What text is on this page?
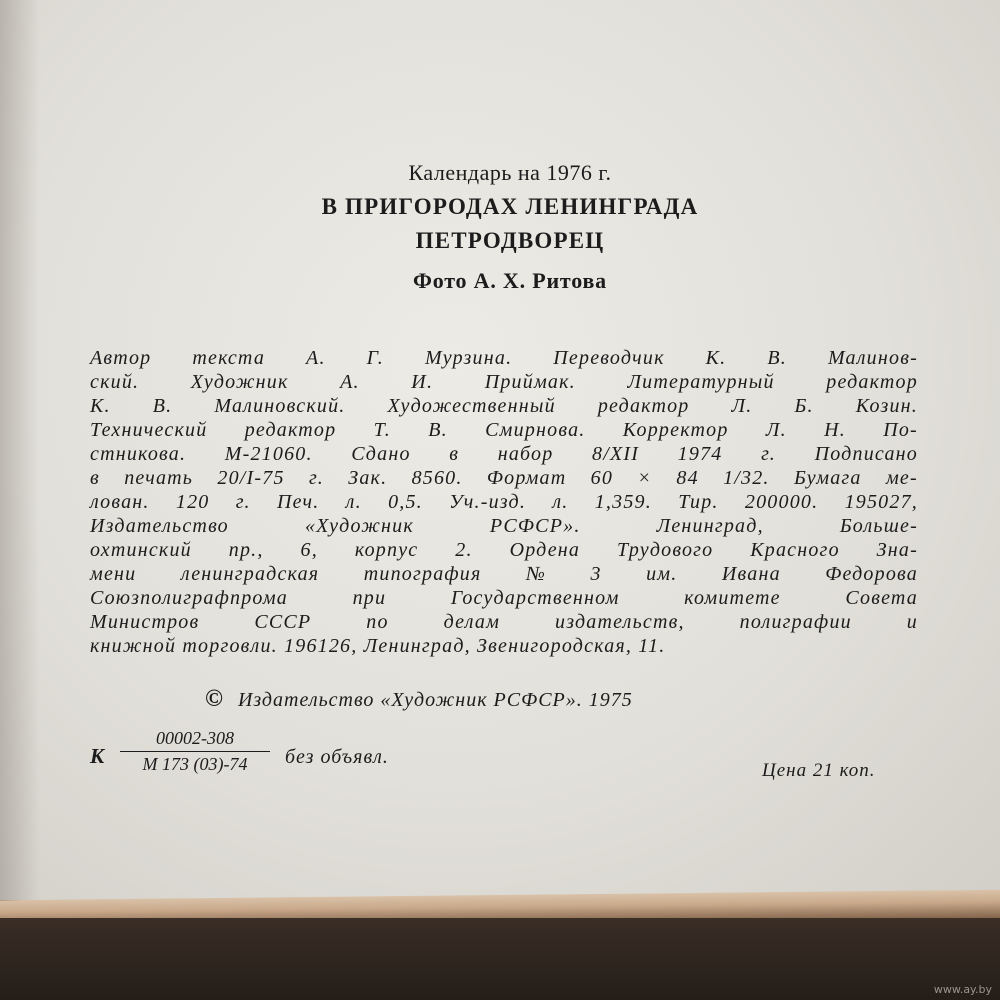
Календарь на 1976 г.
В ПРИГОРОДАХ ЛЕНИНГРАДА
ПЕТРОДВОРЕЦ
Фото А. Х. Ритова
Автор текста А. Г. Мурзина. Переводчик К. В. Малинов-
ский.	Художник	А.	И.	Приймак.	Литературный	редактор
К. В. Малиновский. Художественный редактор Л. Б. Козин.
Технический редактор Т. В. Смирнова. Корректор Л. Н. По-
стникова. М-21060. Сдано в набор 8/XII 1974 г. Подписано
в печать 20/I-75 г. Зак. 8560. Формат 60 × 84 1/32. Бумага ме-
лован. 120 г. Печ. л. 0,5. Уч.-изд. л. 1,359. Тир. 200000. 195027,
Издательство	«Художник	РСФСР».	Ленинград,	Больше-
охтинский пр., 6, корпус 2. Ордена Трудового Красного Зна-
мени ленинградская типография № 3 им. Ивана Федорова
Союзполиграфпрома	при	Государственном	комитете	Совета
Министров	СССР	по	делам	издательств,	полиграфии	и
книжной торговли. 196126, Ленинград, Звенигородская, 11.
© Издательство «Художник РСФСР». 1975
К
00002-308
М 173 (03)-74	без объявл.
Цена 21 коп.
www.ay.by
